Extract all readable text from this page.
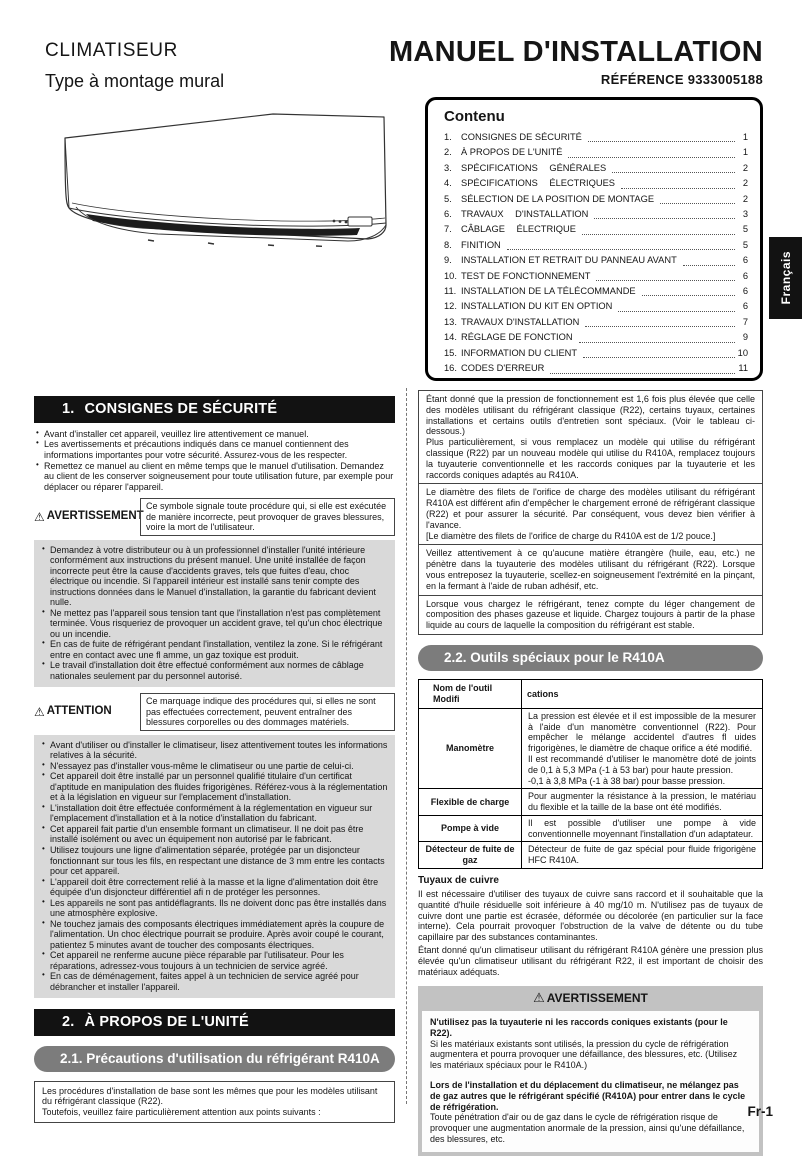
CLIMATISEUR
Type à montage mural
MANUEL D'INSTALLATION
RÉFÉRENCE 9333005188
Contenu
1. CONSIGNES DE SÉCURITÉ	1
2. À PROPOS DE L'UNITÉ	1
3. SPÉCIFICATIONS GÉNÉRALES	2
4. SPÉCIFICATIONS ÉLECTRIQUES	2
5. SÉLECTION DE LA POSITION DE MONTAGE	2
6. TRAVAUX D'INSTALLATION	3
7. CÂBLAGE ÉLECTRIQUE	5
8. FINITION	5
9. INSTALLATION ET RETRAIT DU PANNEAU AVANT	6
10. TEST DE FONCTIONNEMENT	6
11. INSTALLATION DE LA TÉLÉCOMMANDE	6
12. INSTALLATION DU KIT EN OPTION	6
13. TRAVAUX D'INSTALLATION	7
14. RÉGLAGE DE FONCTION	9
15. INFORMATION DU CLIENT	10
16. CODES D'ERREUR	11
Français
1. CONSIGNES DE SÉCURITÉ
• Avant d'installer cet appareil, veuillez lire attentivement ce manuel.
• Les avertissements et précautions indiqués dans ce manuel contiennent des informations importantes pour votre sécurité. Assurez-vous de les respecter.
• Remettez ce manuel au client en même temps que le manuel d'utilisation. Demandez au client de les conserver soigneusement pour toute utilisation future, par exemple pour déplacer ou réparer l'appareil.
⚠ AVERTISSEMENT
Ce symbole signale toute procédure qui, si elle est exécutée de manière incorrecte, peut provoquer de graves blessures, voire la mort de l'utilisateur.
• Demandez à votre distributeur ou à un professionnel d'installer l'unité intérieure conformément aux instructions du présent manuel. Une unité installée de façon incorrecte peut être la cause d'accidents graves, tels que fuites d'eau, choc électrique ou incendie. Si l'appareil intérieur est installé sans tenir compte des instructions données dans le Manuel d'installation, la garantie du fabricant devient nulle.
• Ne mettez pas l'appareil sous tension tant que l'installation n'est pas complètement terminée. Vous risqueriez de provoquer un accident grave, tel qu'un choc électrique ou un incendie.
• En cas de fuite de réfrigérant pendant l'installation, ventilez la zone. Si le réfrigérant entre en contact avec une fl amme, un gaz toxique est produit.
• Le travail d'installation doit être effectué conformément aux normes de câblage nationales seulement par du personnel autorisé.
⚠ ATTENTION
Ce marquage indique des procédures qui, si elles ne sont pas effectuées correctement, peuvent entraîner des blessures corporelles ou des dommages matériels.
• Avant d'utiliser ou d'installer le climatiseur, lisez attentivement toutes les informations relatives à la sécurité.
• N'essayez pas d'installer vous-même le climatiseur ou une partie de celui-ci.
• Cet appareil doit être installé par un personnel qualifié titulaire d'un certificat d'aptitude en manipulation des fluides frigorigènes. Référez-vous à la réglementation et à la législation en vigueur sur l'emplacement d'installation.
• L'installation doit être effectuée conformément à la réglementation en vigueur sur l'emplacement d'installation et à la notice d'installation du fabricant.
• Cet appareil fait partie d'un ensemble formant un climatiseur. Il ne doit pas être installé isolément ou avec un équipement non autorisé par le fabricant.
• Utilisez toujours une ligne d'alimentation séparée, protégée par un disjoncteur fonctionnant sur tous les fils, en respectant une distance de 3 mm entre les contacts pour cet appareil.
• L'appareil doit être correctement relié à la masse et la ligne d'alimentation doit être équipée d'un disjoncteur différentiel afi n de protéger les personnes.
• Les appareils ne sont pas antidéflagrants. Ils ne doivent donc pas être installés dans une atmosphère explosive.
• Ne touchez jamais des composants électriques immédiatement après la coupure de l'alimentation. Un choc électrique pourrait se produire. Après avoir coupé le courant, patientez 5 minutes avant de toucher des composants électriques.
• Cet appareil ne renferme aucune pièce réparable par l'utilisateur. Pour les réparations, adressez-vous toujours à un technicien de service agréé.
• En cas de déménagement, faites appel à un technicien de service agréé pour débrancher et installer l'appareil.
2. À PROPOS DE L'UNITÉ
2.1. Précautions d'utilisation du réfrigérant R410A

Les procédures d'installation de base sont les mêmes que pour les modèles utilisant du réfrigérant classique (R22).

Toutefois, veuillez faire particulièrement attention aux points suivants :

Étant donné que la pression de fonctionnement est 1,6 fois plus élevée que celle des modèles utilisant du réfrigérant classique (R22), certains tuyaux, certaines installations et certains outils d'entretien sont spéciaux. (Voir le tableau ci-dessous.)

Plus particulièrement, si vous remplacez un modèle qui utilise du réfrigérant classique (R22) par un nouveau modèle qui utilise du R410A, remplacez toujours la tuyauterie conventionnelle et les raccords coniques par la tuyauterie et les raccords coniques adaptés au R410A.

Le diamètre des filets de l'orifice de charge des modèles utilisant du réfrigérant R410A est différent afin d'empêcher le chargement erroné de réfrigérant classique (R22) et pour assurer la sécurité. Par conséquent, vous devez bien vérifier à l'avance.

[Le diamètre des filets de l'orifice de charge du R410A est de 1/2 pouce.]

Veillez attentivement à ce qu'aucune matière étrangère (huile, eau, etc.) ne pénètre dans la tuyauterie des modèles utilisant du réfrigérant (R22). Lorsque vous entreposez la tuyauterie, scellez-en soigneusement l'extrémité en la pinçant, en la fermant à l'aide de ruban adhésif, etc.

Lorsque vous chargez le réfrigérant, tenez compte du léger changement de composition des phases gazeuse et liquide. Chargez toujours à partir de la phase liquide au cours de laquelle la composition du réfrigérant est stable.

2.2. Outils spéciaux pour le R410A
Nom de l'outil Modifi	cations
Manomètre	La pression est élevée et il est impossible de la mesurer à l'aide d'un manomètre conventionnel (R22). Pour empêcher le mélange accidentel d'autres fl uides frigorigènes, le diamètre de chaque orifice a été modifié.

Il est recommandé d'utiliser le manomètre doté de joints de 0,1 à 5,3 MPa (-1 à 53 bar) pour haute pression.

-0,1 à 3,8 MPa (-1 à 38 bar) pour basse pression.

Flexible de charge	Pour augmenter la résistance à la pression, le matériau du flexible et la taille de la base ont été modifiés.

Pompe à vide	Il est possible d'utiliser une pompe à vide conventionnelle moyennant l'installation d'un adaptateur.

Détecteur de fuite de gaz	Détecteur de fuite de gaz spécial pour fluide frigorigène HFC R410A.

Tuyaux de cuivre

Il est nécessaire d'utiliser des tuyaux de cuivre sans raccord et il souhaitable que la quantité d'huile résiduelle soit inférieure à 40 mg/10 m. N'utilisez pas de tuyaux de cuivre dont une partie est écrasée, déformée ou décolorée (en particulier sur la face interne). Cela pourrait provoquer l'obstruction de la valve de détente ou du tube capillaire par des substances contaminantes.

Étant donné qu'un climatiseur utilisant du réfrigérant R410A génère une pression plus élevée qu'un climatiseur utilisant du réfrigérant R22, il est important de choisir des matériaux adéquats.

⚠ AVERTISSEMENT

N'utilisez pas la tuyauterie ni les raccords coniques existants (pour le R22).

Si les matériaux existants sont utilisés, la pression du cycle de réfrigération augmentera et pourra provoquer une défaillance, des blessures, etc. (Utilisez les matériaux spéciaux pour le R410A.)

Lors de l'installation et du déplacement du climatiseur, ne mélangez pas de gaz autres que le réfrigérant spécifié (R410A) pour entrer dans le cycle de réfrigération.

Toute pénétration d'air ou de gaz dans le cycle de réfrigération risque de provoquer une augmentation anormale de la pression, ainsi qu'une défaillance, des blessures, etc.

Fr-1
